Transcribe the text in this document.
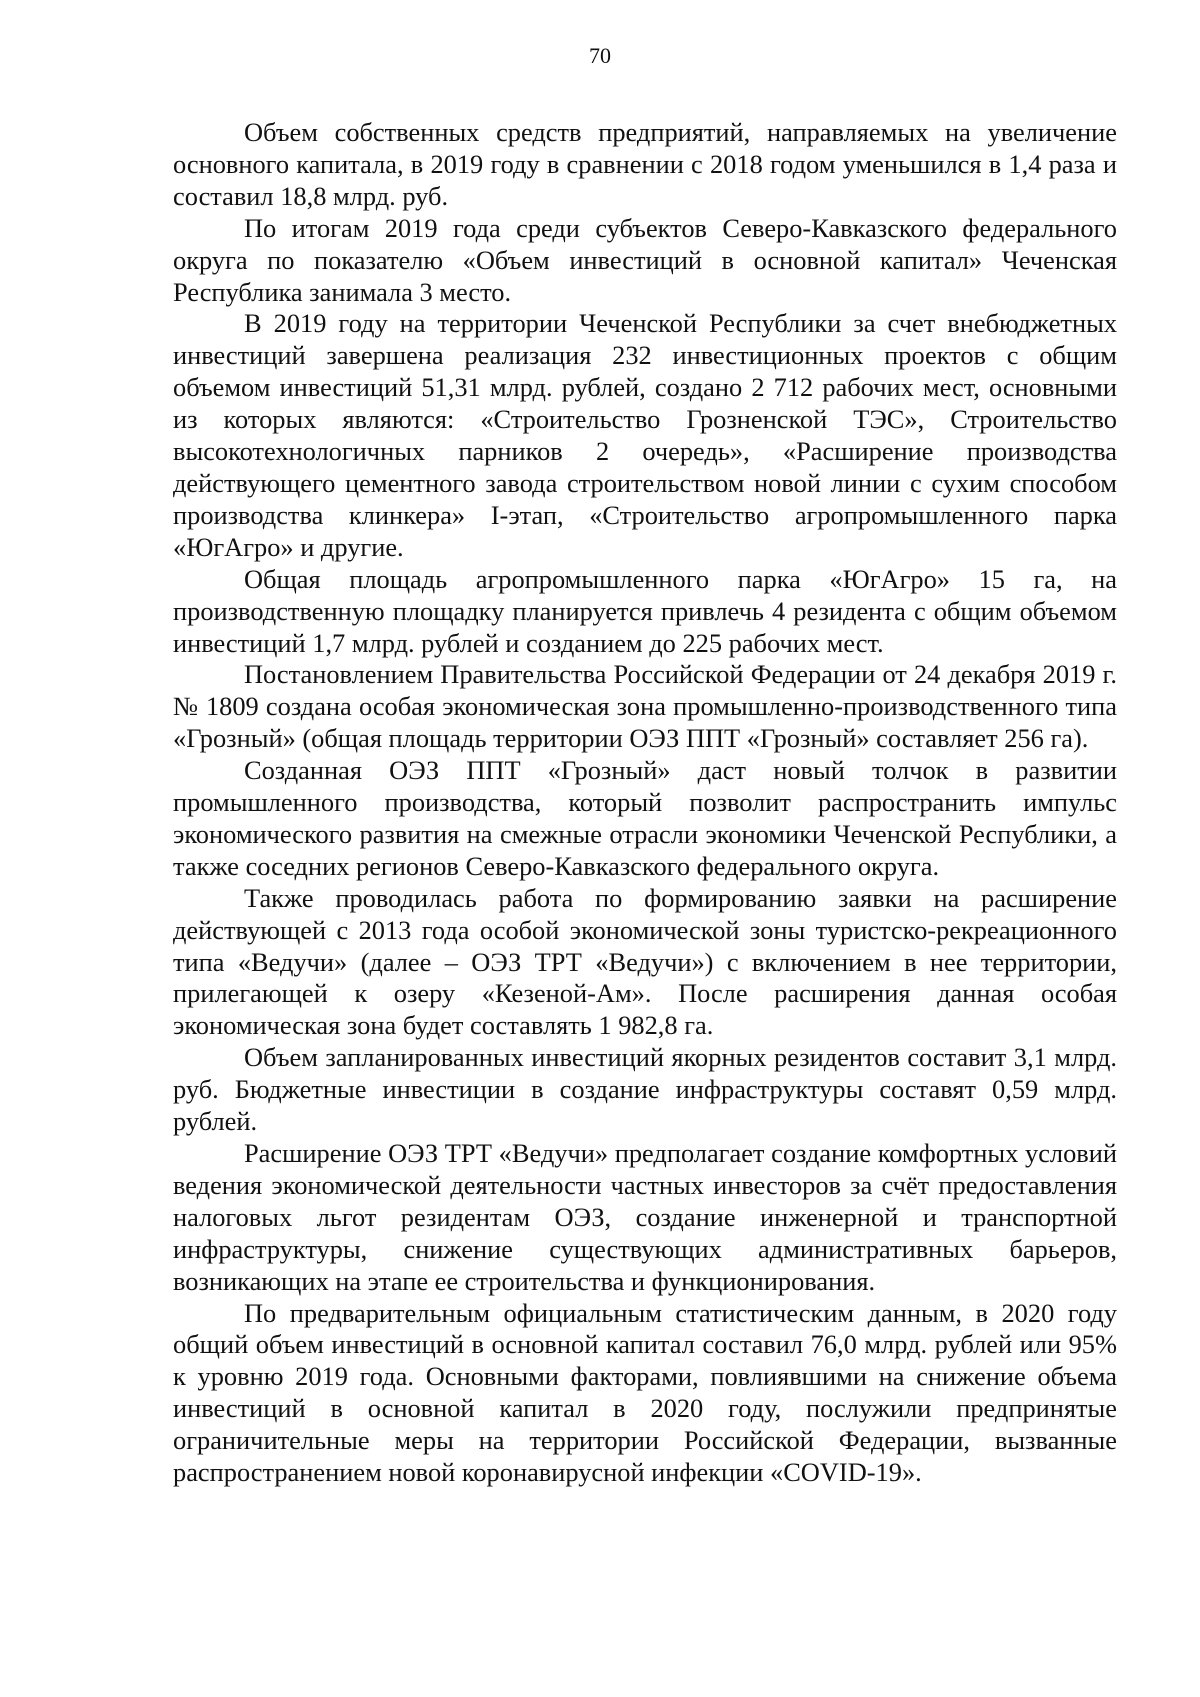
70

Объем собственных средств предприятий, направляемых на увеличение основного капитала, в 2019 году в сравнении с 2018 годом уменьшился в 1,4 раза и составил 18,8 млрд. руб.

По итогам 2019 года среди субъектов Северо-Кавказского федерального округа по показателю «Объем инвестиций в основной капитал» Чеченская Республика занимала 3 место.

В 2019 году на территории Чеченской Республики за счет внебюджетных инвестиций завершена реализация 232 инвестиционных проектов с общим объемом инвестиций 51,31 млрд. рублей, создано 2 712 рабочих мест, основными из которых являются: «Строительство Грозненской ТЭС», Строительство высокотехнологичных парников 2 очередь», «Расширение производства действующего цементного завода строительством новой линии с сухим способом производства клинкера» I-этап, «Строительство агропромышленного парка «ЮгАгро» и другие.

Общая площадь агропромышленного парка «ЮгАгро» 15 га, на производственную площадку планируется привлечь 4 резидента с общим объемом инвестиций 1,7 млрд. рублей и созданием до 225 рабочих мест.

Постановлением Правительства Российской Федерации от 24 декабря 2019 г. № 1809 создана особая экономическая зона промышленно-производственного типа «Грозный» (общая площадь территории ОЭЗ ППТ «Грозный» составляет 256 га).

Созданная ОЭЗ ППТ «Грозный» даст новый толчок в развитии промышленного производства, который позволит распространить импульс экономического развития на смежные отрасли экономики Чеченской Республики, а также соседних регионов Северо-Кавказского федерального округа.

Также проводилась работа по формированию заявки на расширение действующей с 2013 года особой экономической зоны туристско-рекреационного типа «Ведучи» (далее – ОЭЗ ТРТ «Ведучи») с включением в нее территории, прилегающей к озеру «Кезеной-Ам». После расширения данная особая экономическая зона будет составлять 1 982,8 га.

Объем запланированных инвестиций якорных резидентов составит 3,1 млрд. руб. Бюджетные инвестиции в создание инфраструктуры составят 0,59 млрд. рублей.

Расширение ОЭЗ ТРТ «Ведучи» предполагает создание комфортных условий ведения экономической деятельности частных инвесторов за счёт предоставления налоговых льгот резидентам ОЭЗ, создание инженерной и транспортной инфраструктуры, снижение существующих административных барьеров, возникающих на этапе ее строительства и функционирования.

По предварительным официальным статистическим данным, в 2020 году общий объем инвестиций в основной капитал составил 76,0 млрд. рублей или 95% к уровню 2019 года. Основными факторами, повлиявшими на снижение объема инвестиций в основной капитал в 2020 году, послужили предпринятые ограничительные меры на территории Российской Федерации, вызванные распространением новой коронавирусной инфекции «COVID-19».
